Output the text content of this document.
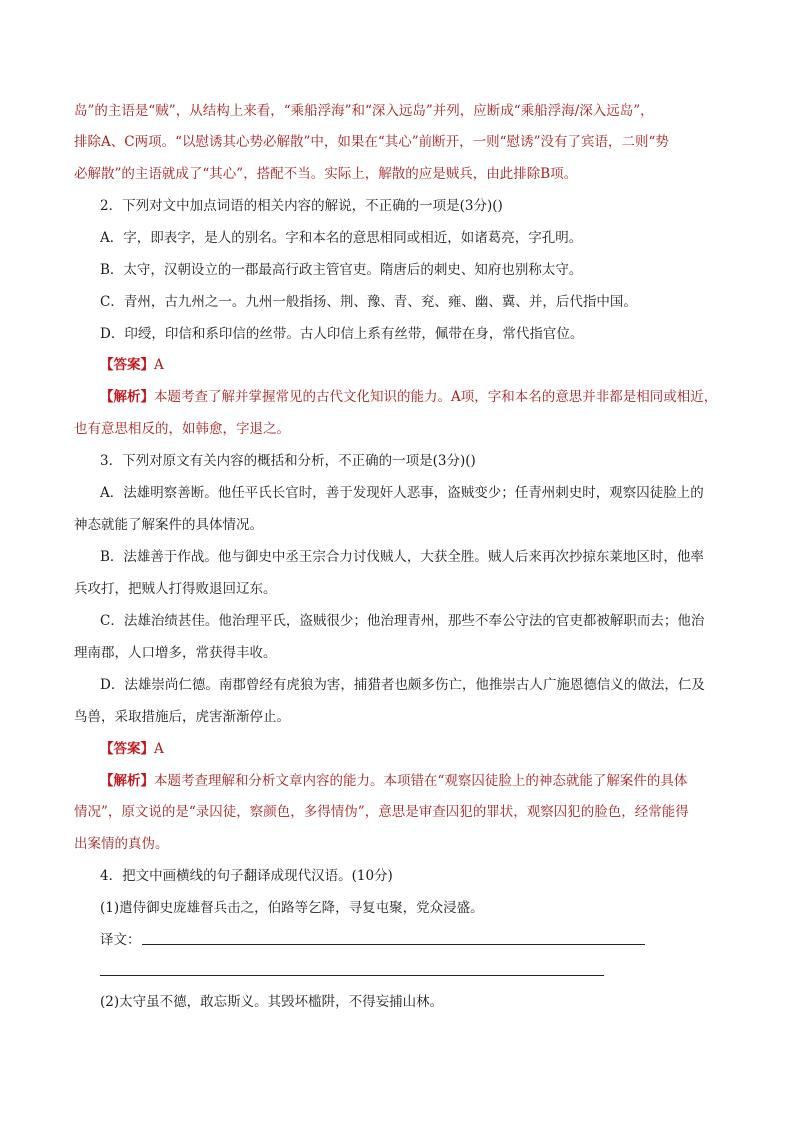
岛”的主语是“贼”，从结构上来看，“乘船浮海”和“深入远岛”并列，应断成“乘船浮海/深入远岛”，
排除A、C两项。“以慰诱其心势必解散”中，如果在“其心”前断开，一则“慰诱”没有了宾语，二则“势
必解散”的主语就成了“其心”，搭配不当。实际上，解散的应是贼兵，由此排除B项。
2．下列对文中加点词语的相关内容的解说，不正确的一项是(3分)()
A．字，即表字，是人的别名。字和本名的意思相同或相近，如诸葛亮，字孔明。
B．太守，汉朝设立的一郡最高行政主管官吏。隋唐后的刺史、知府也别称太守。
C．青州，古九州之一。九州一般指扬、荆、豫、青、兖、雍、幽、冀、并，后代指中国。
D．印绶，印信和系印信的丝带。古人印信上系有丝带，佩带在身，常代指官位。
【答案】A
【解析】本题考查了解并掌握常见的古代文化知识的能力。A项，字和本名的意思并非都是相同或相近，
也有意思相反的，如韩愈，字退之。
3．下列对原文有关内容的概括和分析，不正确的一项是(3分)()
A．法雄明察善断。他任平氏长官时，善于发现奸人恶事，盗贼变少；任青州刺史时，观察囚徒脸上的
神态就能了解案件的具体情况。
B．法雄善于作战。他与御史中丞王宗合力讨伐贼人，大获全胜。贼人后来再次抄掠东莱地区时，他率
兵攻打，把贼人打得败退回辽东。
C．法雄治绩甚佳。他治理平氏，盗贼很少；他治理青州，那些不奉公守法的官吏都被解职而去；他治
理南郡，人口增多，常获得丰收。
D．法雄崇尚仁德。南郡曾经有虎狼为害，捕猎者也颇多伤亡，他推崇古人广施恩德信义的做法，仁及
鸟兽，采取措施后，虎害渐渐停止。
【答案】A
【解析】本题考查理解和分析文章内容的能力。本项错在“观察囚徒脸上的神态就能了解案件的具体
情况”，原文说的是“录囚徒，察颜色，多得情伪”，意思是审查囚犯的罪状，观察囚犯的脸色，经常能得
出案情的真伪。
4．把文中画横线的句子翻译成现代汉语。(10分)
(1)遣侍御史庞雄督兵击之，伯路等乞降，寻复屯聚，党众浸盛。
译文：
(2)太守虽不德，敢忘斯义。其毁坏槛阱，不得妄捕山林。
